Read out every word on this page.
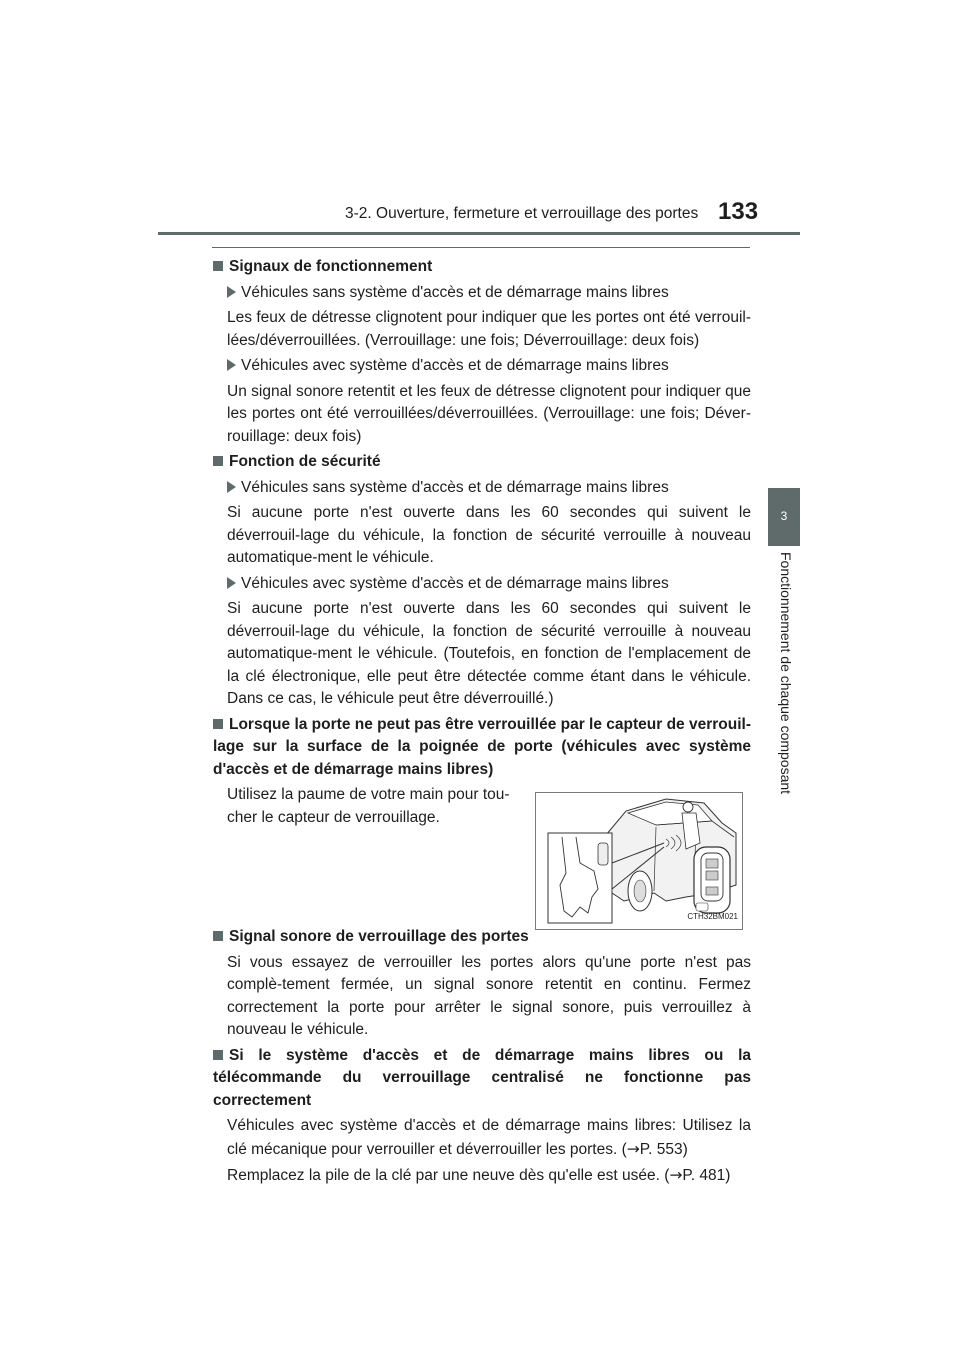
3-2. Ouverture, fermeture et verrouillage des portes 133
3
Fonctionnement de chaque composant
Signaux de fonctionnement
Véhicules sans système d'accès et de démarrage mains libres
Les feux de détresse clignotent pour indiquer que les portes ont été verrouil-lées/déverrouillées. (Verrouillage: une fois; Déverrouillage: deux fois)
Véhicules avec système d'accès et de démarrage mains libres
Un signal sonore retentit et les feux de détresse clignotent pour indiquer que les portes ont été verrouillées/déverrouillées. (Verrouillage: une fois; Déver-rouillage: deux fois)
Fonction de sécurité
Véhicules sans système d'accès et de démarrage mains libres
Si aucune porte n'est ouverte dans les 60 secondes qui suivent le déverrouil-lage du véhicule, la fonction de sécurité verrouille à nouveau automatique-ment le véhicule.
Véhicules avec système d'accès et de démarrage mains libres
Si aucune porte n'est ouverte dans les 60 secondes qui suivent le déverrouil-lage du véhicule, la fonction de sécurité verrouille à nouveau automatique-ment le véhicule. (Toutefois, en fonction de l'emplacement de la clé électronique, elle peut être détectée comme étant dans le véhicule. Dans ce cas, le véhicule peut être déverrouillé.)
Lorsque la porte ne peut pas être verrouillée par le capteur de verrouil-lage sur la surface de la poignée de porte (véhicules avec système d'accès et de démarrage mains libres)
Utilisez la paume de votre main pour tou-cher le capteur de verrouillage.
CTH32BM021
Signal sonore de verrouillage des portes
Si vous essayez de verrouiller les portes alors qu'une porte n'est pas complè-tement fermée, un signal sonore retentit en continu. Fermez correctement la porte pour arrêter le signal sonore, puis verrouillez à nouveau le véhicule.
Si le système d'accès et de démarrage mains libres ou la télécommande du verrouillage centralisé ne fonctionne pas correctement
Véhicules avec système d'accès et de démarrage mains libres: Utilisez la clé mécanique pour verrouiller et déverrouiller les portes. (→P. 553)
Remplacez la pile de la clé par une neuve dès qu'elle est usée. (→P. 481)
